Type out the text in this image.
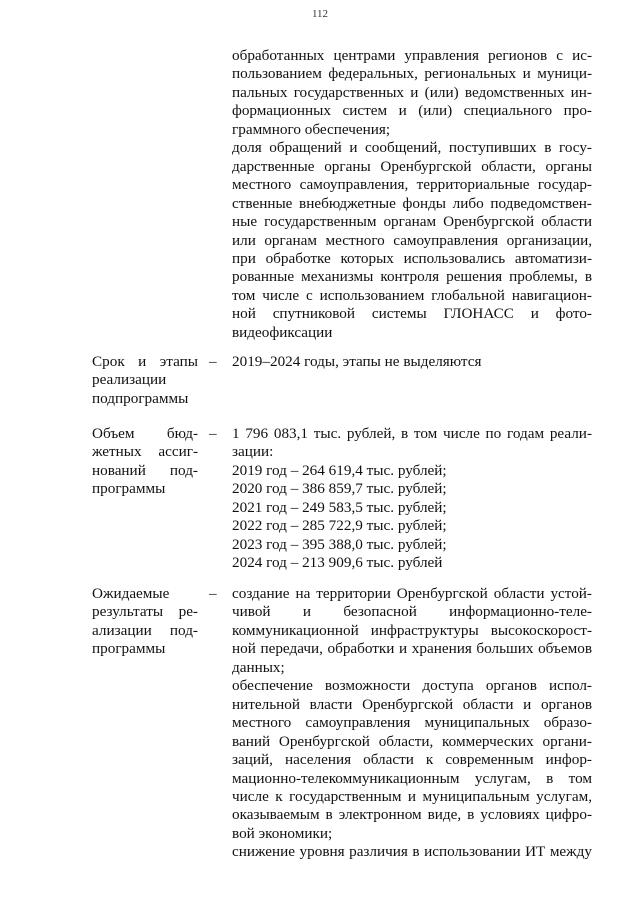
112
обработанных центрами управления регионов с ис-
пользованием федеральных, региональных и муници-
пальных государственных и (или) ведомственных ин-
формационных систем и (или) специального про-
граммного обеспечения;
доля обращений и сообщений, поступивших в госу-
дарственные органы Оренбургской области, органы
местного самоуправления, территориальные государ-
ственные внебюджетные фонды либо подведомствен-
ные государственным органам Оренбургской области
или органам местного самоуправления организации,
при обработке которых использовались автоматизи-
рованные механизмы контроля решения проблемы, в
том числе с использованием глобальной навигацион-
ной спутниковой системы ГЛОНАСС и фото-
видеофиксации
Срок и этапы
реализации
подпрограммы
– 2019–2024 годы, этапы не выделяются
Объем бюд-
жетных ассиг-
нований под-
программы
– 1 796 083,1 тыс. рублей, в том числе по годам реали-
зации:
2019 год – 264 619,4 тыс. рублей;
2020 год – 386 859,7 тыс. рублей;
2021 год – 249 583,5 тыс. рублей;
2022 год – 285 722,9 тыс. рублей;
2023 год – 395 388,0 тыс. рублей;
2024 год – 213 909,6 тыс. рублей
Ожидаемые
результаты ре-
ализации под-
программы
– создание на территории Оренбургской области устой-
чивой и безопасной информационно-теле-
коммуникационной инфраструктуры высокоскорост-
ной передачи, обработки и хранения больших объемов
данных;
обеспечение возможности доступа органов испол-
нительной власти Оренбургской области и органов
местного самоуправления муниципальных образо-
ваний Оренбургской области, коммерческих органи-
заций, населения области к современным инфор-
мационно-телекоммуникационным услугам, в том
числе к государственным и муниципальным услугам,
оказываемым в электронном виде, в условиях цифро-
вой экономики;
снижение уровня различия в использовании ИТ между
